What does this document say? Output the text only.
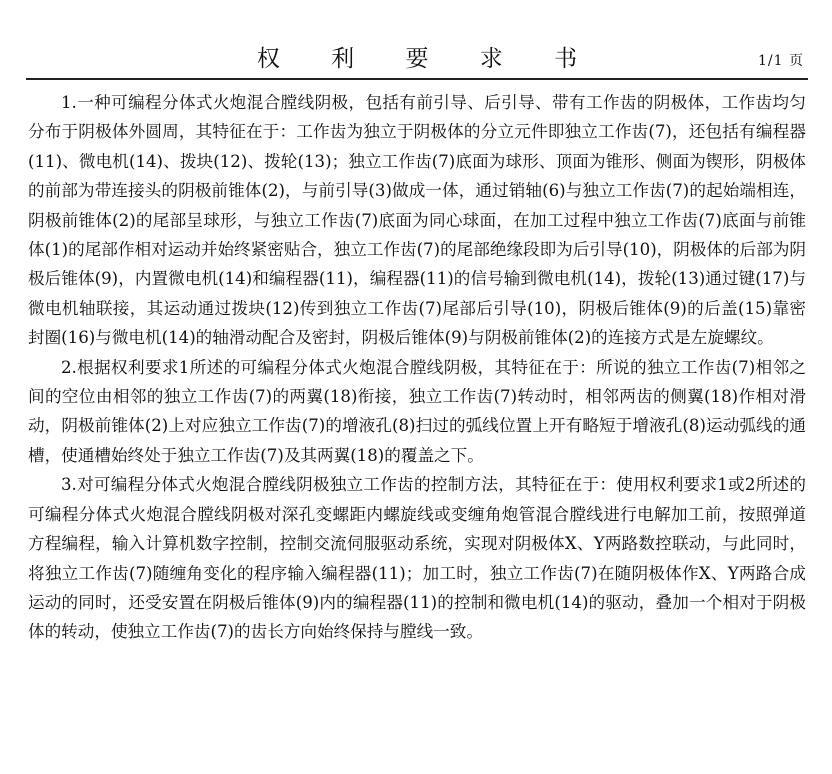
权 利 要 求 书	1/1 页

1.一种可编程分体式火炮混合膛线阴极，包括有前引导、后引导、带有工作齿的阴极体，工作齿均匀分布于阴极体外圆周，其特征在于：工作齿为独立于阴极体的分立元件即独立工作齿(7)，还包括有编程器(11)、微电机(14)、拨块(12)、拨轮(13)；独立工作齿(7)底面为球形、顶面为锥形、侧面为锲形，阴极体的前部为带连接头的阴极前锥体(2)，与前引导(3)做成一体，通过销轴(6)与独立工作齿(7)的起始端相连，阴极前锥体(2)的尾部呈球形，与独立工作齿(7)底面为同心球面，在加工过程中独立工作齿(7)底面与前锥体(1)的尾部作相对运动并始终紧密贴合，独立工作齿(7)的尾部绝缘段即为后引导(10)，阴极体的后部为阴极后锥体(9)，内置微电机(14)和编程器(11)，编程器(11)的信号输到微电机(14)，拨轮(13)通过键(17)与微电机轴联接，其运动通过拨块(12)传到独立工作齿(7)尾部后引导(10)，阴极后锥体(9)的后盖(15)靠密封圈(16)与微电机(14)的轴滑动配合及密封，阴极后锥体(9)与阴极前锥体(2)的连接方式是左旋螺纹。

2.根据权利要求1所述的可编程分体式火炮混合膛线阴极，其特征在于：所说的独立工作齿(7)相邻之间的空位由相邻的独立工作齿(7)的两翼(18)衔接，独立工作齿(7)转动时，相邻两齿的侧翼(18)作相对滑动，阴极前锥体(2)上对应独立工作齿(7)的增液孔(8)扫过的弧线位置上开有略短于增液孔(8)运动弧线的通槽，使通槽始终处于独立工作齿(7)及其两翼(18)的覆盖之下。

3.对可编程分体式火炮混合膛线阴极独立工作齿的控制方法，其特征在于：使用权利要求1或2所述的可编程分体式火炮混合膛线阴极对深孔变螺距内螺旋线或变缠角炮管混合膛线进行电解加工前，按照弹道方程编程，输入计算机数字控制，控制交流伺服驱动系统，实现对阴极体X、Y两路数控联动，与此同时，将独立工作齿(7)随缠角变化的程序输入编程器(11)；加工时，独立工作齿(7)在随阴极体作X、Y两路合成运动的同时，还受安置在阴极后锥体(9)内的编程器(11)的控制和微电机(14)的驱动，叠加一个相对于阴极体的转动，使独立工作齿(7)的齿长方向始终保持与膛线一致。
